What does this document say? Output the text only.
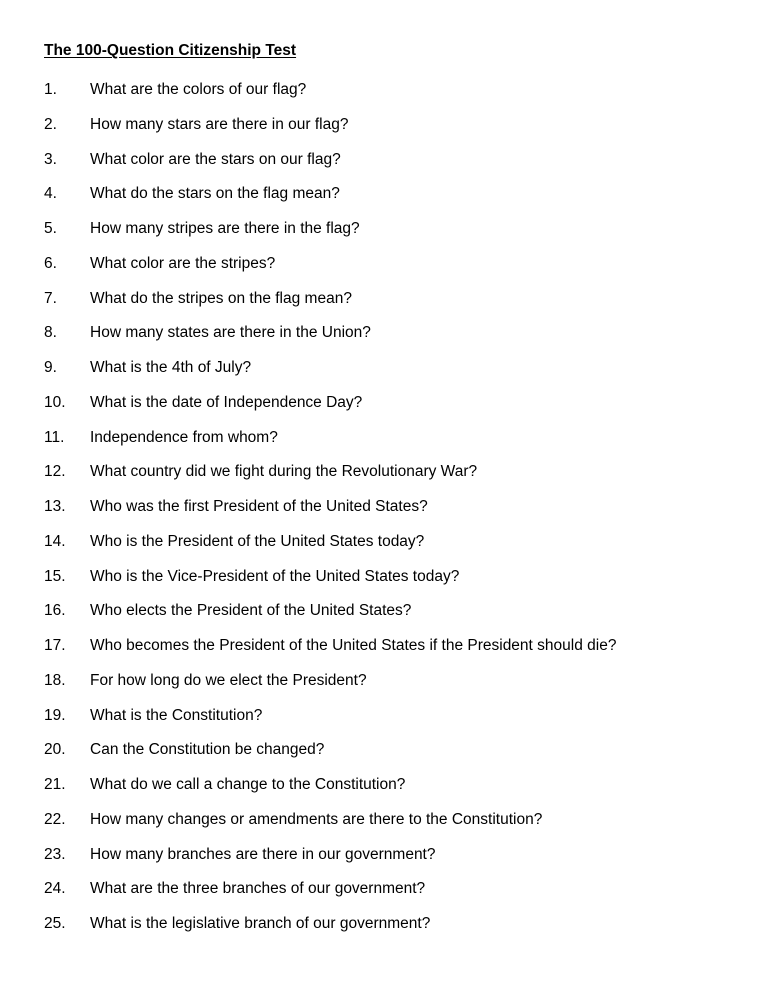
The 100-Question Citizenship Test
1.	What are the colors of our flag?
2.	How many stars are there in our flag?
3.	What color are the stars on our flag?
4.	What do the stars on the flag mean?
5.	How many stripes are there in the flag?
6.	What color are the stripes?
7.	What do the stripes on the flag mean?
8.	How many states are there in the Union?
9.	What is the 4th of July?
10.	What is the date of Independence Day?
11.	Independence from whom?
12.	What country did we fight during the Revolutionary War?
13.	Who was the first President of the United States?
14.	Who is the President of the United States today?
15.	Who is the Vice-President of the United States today?
16.	Who elects the President of the United States?
17.	Who becomes the President of the United States if the President should die?
18.	For how long do we elect the President?
19.	What is the Constitution?
20.	Can the Constitution be changed?
21.	What do we call a change to the Constitution?
22.	How many changes or amendments are there to the Constitution?
23.	How many branches are there in our government?
24.	What are the three branches of our government?
25.	What is the legislative branch of our government?
